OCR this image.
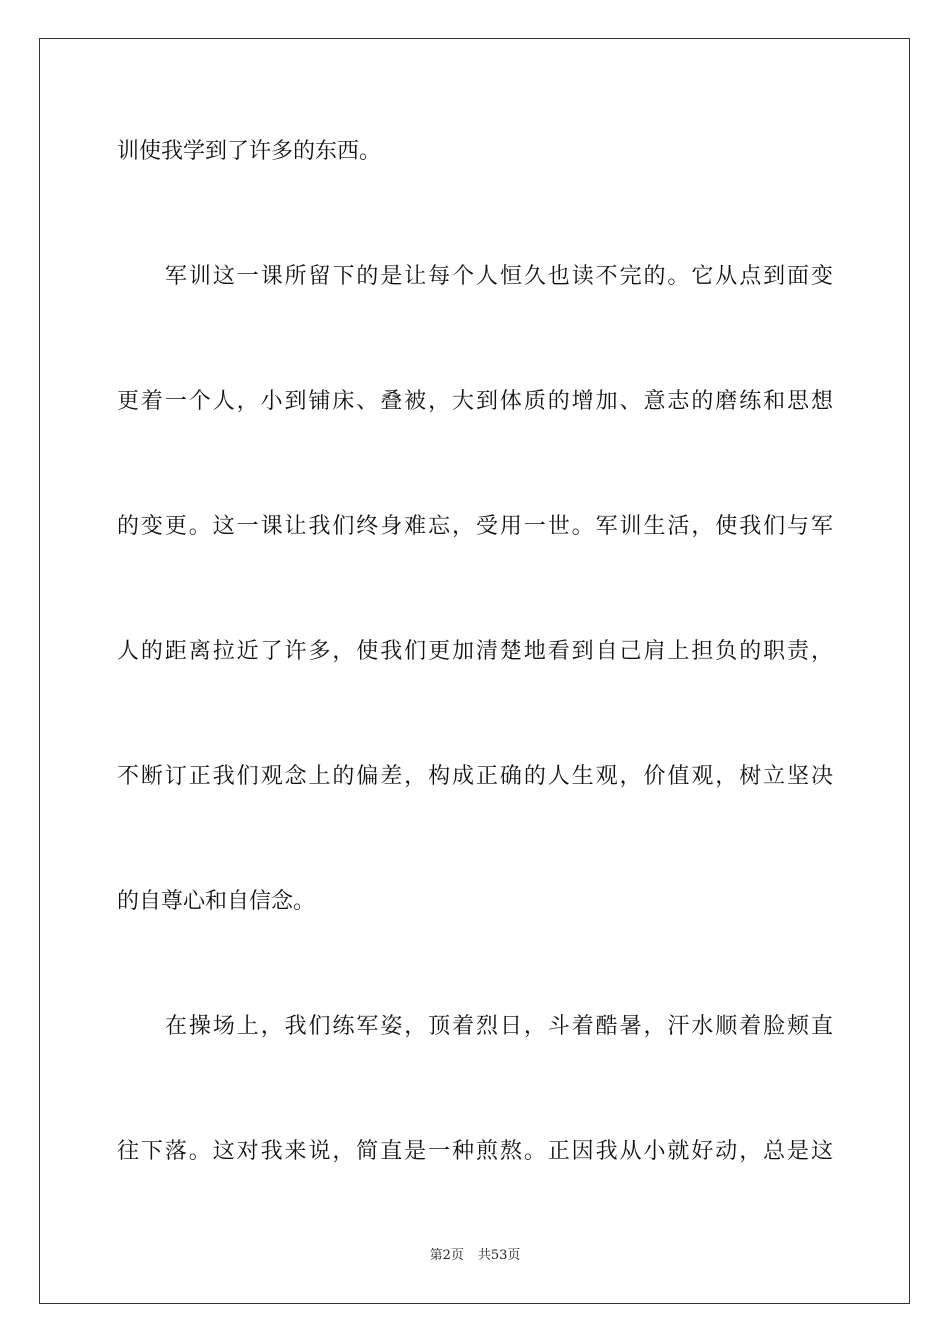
训使我学到了许多的东西。
军训这一课所留下的是让每个人恒久也读不完的。它从点到面变
更着一个人，小到铺床、叠被，大到体质的增加、意志的磨练和思想
的变更。这一课让我们终身难忘，受用一世。军训生活，使我们与军
人的距离拉近了许多，使我们更加清楚地看到自己肩上担负的职责，
不断订正我们观念上的偏差，构成正确的人生观，价值观，树立坚决
的自尊心和自信念。
在操场上，我们练军姿，顶着烈日，斗着酷暑，汗水顺着脸颊直
往下落。这对我来说，简直是一种煎熬。正因我从小就好动，总是这
第2页 共53页
